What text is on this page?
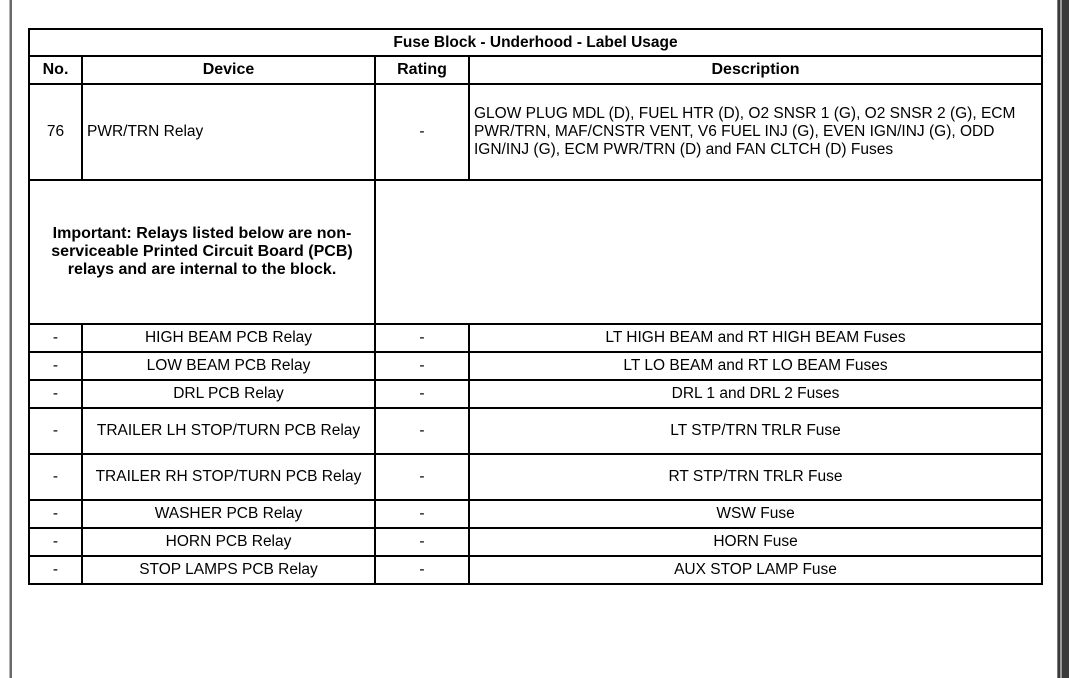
Fuse Block - Underhood - Label Usage			
No.	Device	Rating	Description
76	PWR/TRN Relay	-	GLOW PLUG MDL (D), FUEL HTR (D), O2 SNSR 1 (G), O2 SNSR 2 (G), ECM PWR/TRN, MAF/CNSTR VENT, V6 FUEL INJ (G), EVEN IGN/INJ (G), ODD IGN/INJ (G), ECM PWR/TRN (D) and FAN CLTCH (D) Fuses
Important: Relays listed below are non-serviceable Printed Circuit Board (PCB) relays and are internal to the block.			
-	HIGH BEAM PCB Relay	-	LT HIGH BEAM and RT HIGH BEAM Fuses
-	LOW BEAM PCB Relay	-	LT LO BEAM and RT LO BEAM Fuses
-	DRL PCB Relay	-	DRL 1 and DRL 2 Fuses
-	TRAILER LH STOP/TURN PCB Relay	-	LT STP/TRN TRLR Fuse
-	TRAILER RH STOP/TURN PCB Relay	-	RT STP/TRN TRLR Fuse
-	WASHER PCB Relay	-	WSW Fuse
-	HORN PCB Relay	-	HORN Fuse
-	STOP LAMPS PCB Relay	-	AUX STOP LAMP Fuse
